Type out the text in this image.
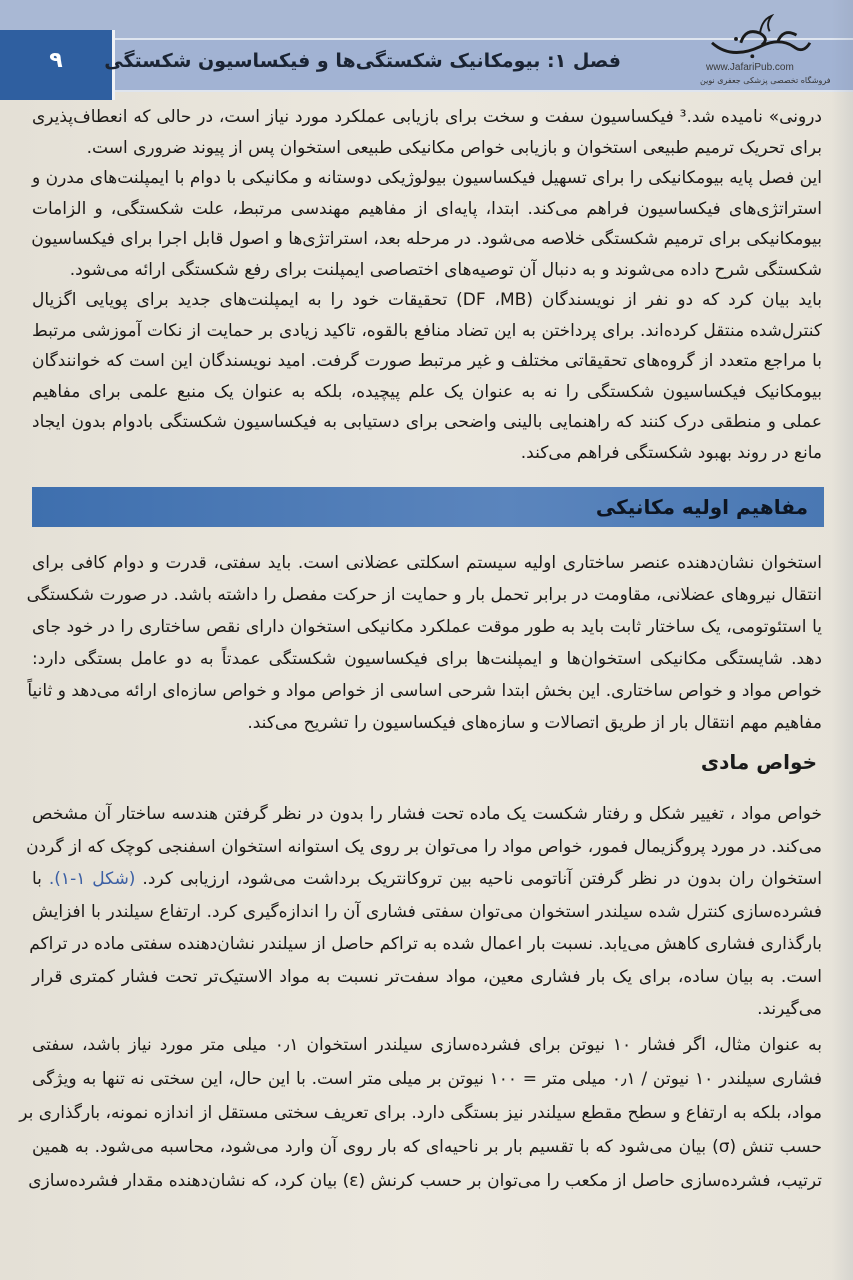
۹	فصل ۱: بیومکانیک شکستگی‌ها و فیکساسیون شکستگی	www.JafariPub.com
فروشگاه تخصصی پزشکی جعفری نوین
درونی» نامیده شد.³ فیکساسیون سفت و سخت برای بازیابی عملکرد مورد نیاز است، در حالی که انعطاف‌پذیری
برای تحریک ترمیم طبیعی استخوان و بازیابی خواص مکانیکی طبیعی استخوان پس از پیوند ضروری است.
این فصل پایه بیومکانیکی را برای تسهیل فیکساسیون بیولوژیکی دوستانه و مکانیکی با دوام با ایمپلنت‌های مدرن و
استراتژی‌های فیکساسیون فراهم می‌کند. ابتدا، پایه‌ای از مفاهیم مهندسی مرتبط، علت شکستگی، و الزامات
بیومکانیکی برای ترمیم شکستگی خلاصه می‌شود. در مرحله بعد، استراتژی‌ها و اصول قابل اجرا برای فیکساسیون
شکستگی شرح داده می‌شوند و به دنبال آن توصیه‌های اختصاصی ایمپلنت برای رفع شکستگی ارائه می‌شود.
باید بیان کرد که دو نفر از نویسندگان (DF ،MB) تحقیقات خود را به ایمپلنت‌های جدید برای پویایی اگزیال
کنترل‌شده منتقل کرده‌اند. برای پرداختن به این تضاد منافع بالقوه، تاکید زیادی بر حمایت از نکات آموزشی مرتبط
با مراجع متعدد از گروه‌های تحقیقاتی مختلف و غیر مرتبط صورت گرفت. امید نویسندگان این است که خوانندگان
بیومکانیک فیکساسیون شکستگی را نه به عنوان یک علم پیچیده، بلکه به عنوان یک منبع علمی برای مفاهیم
عملی و منطقی درک کنند که راهنمایی بالینی واضحی برای دستیابی به فیکساسیون شکستگی بادوام بدون ایجاد
مانع در روند بهبود شکستگی فراهم می‌کند.
مفاهیم اولیه مکانیکی
استخوان نشان‌دهنده عنصر ساختاری اولیه سیستم اسکلتی عضلانی است. باید سفتی، قدرت و دوام کافی برای
انتقال نیروهای عضلانی، مقاومت در برابر تحمل بار و حمایت از حرکت مفصل را داشته باشد. در صورت شکستگی
یا استئوتومی، یک ساختار ثابت باید به طور موقت عملکرد مکانیکی استخوان دارای نقص ساختاری را در خود جای
دهد. شایستگی مکانیکی استخوان‌ها و ایمپلنت‌ها برای فیکساسیون شکستگی عمدتاً به دو عامل بستگی دارد:
خواص مواد و خواص ساختاری. این بخش ابتدا شرحی اساسی از خواص مواد و خواص سازه‌ای ارائه می‌دهد و ثانیاً
مفاهیم مهم انتقال بار از طریق اتصالات و سازه‌های فیکساسیون را تشریح می‌کند.
خواص مادی
خواص مواد ، تغییر شکل و رفتار شکست یک ماده تحت فشار را بدون در نظر گرفتن هندسه ساختار آن مشخص
می‌کند. در مورد پروگزیمال فمور، خواص مواد را می‌توان بر روی یک استوانه استخوان اسفنجی کوچک که از گردن
استخوان ران بدون در نظر گرفتن آناتومی ناحیه بین تروکانتریک برداشت می‌شود، ارزیابی کرد. (شکل ۱-۱). با
فشرده‌سازی کنترل شده سیلندر استخوان می‌توان سفتی فشاری آن را اندازه‌گیری کرد. ارتفاع سیلندر با افزایش
بارگذاری فشاری کاهش می‌یابد. نسبت بار اعمال شده به تراکم حاصل از سیلندر نشان‌دهنده سفتی ماده در تراکم
است. به بیان ساده، برای یک بار فشاری معین، مواد سفت‌تر نسبت به مواد الاستیک‌تر تحت فشار کمتری قرار
می‌گیرند.
به عنوان مثال، اگر فشار ۱۰ نیوتن برای فشرده‌سازی سیلندر استخوان ۰٫۱ میلی متر مورد نیاز باشد، سفتی
فشاری سیلندر ۱۰ نیوتن / ۰٫۱ میلی متر = ۱۰۰ نیوتن بر میلی متر است. با این حال، این سختی نه تنها به ویژگی
مواد، بلکه به ارتفاع و سطح مقطع سیلندر نیز بستگی دارد. برای تعریف سختی مستقل از اندازه نمونه، بارگذاری بر
حسب تنش (σ) بیان می‌شود که با تقسیم بار بر ناحیه‌ای که بار روی آن وارد می‌شود، محاسبه می‌شود. به همین
ترتیب، فشرده‌سازی حاصل از مکعب را می‌توان بر حسب کرنش (ε) بیان کرد، که نشان‌دهنده مقدار فشرده‌سازی
